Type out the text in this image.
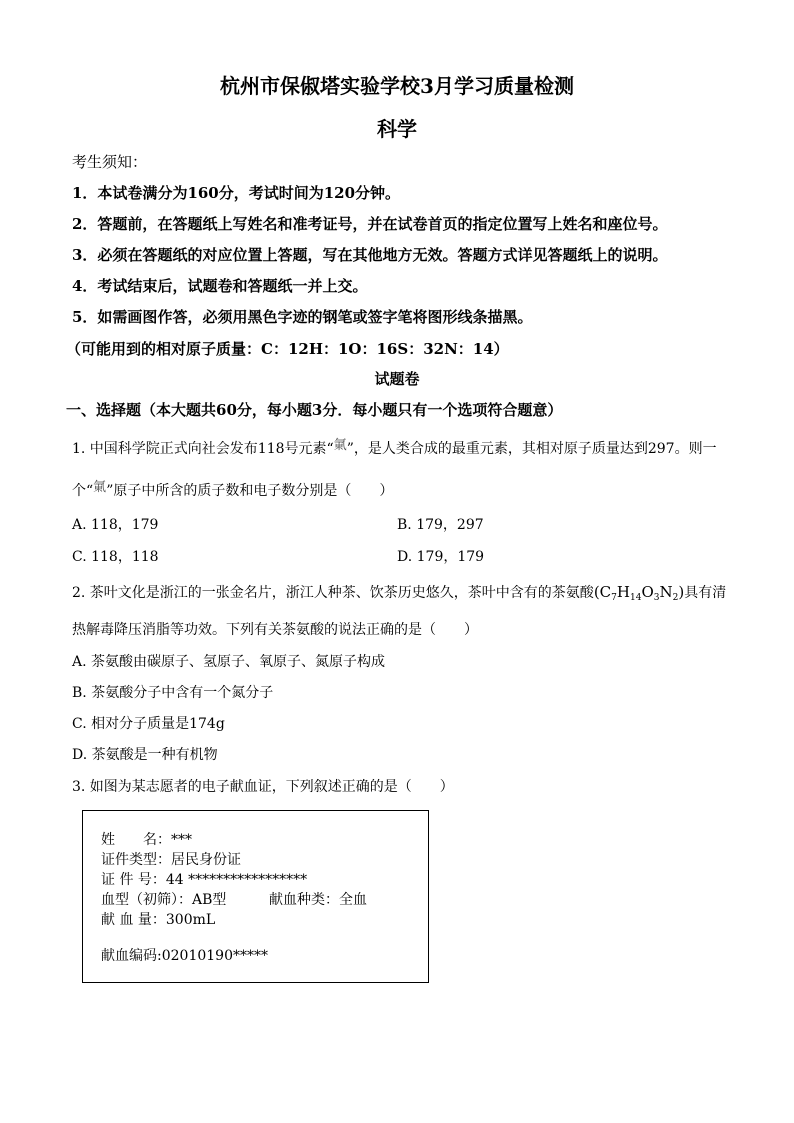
杭州市保俶塔实验学校3月学习质量检测
科学
考生须知：
1．本试卷满分为160分，考试时间为120分钟。
2．答题前，在答题纸上写姓名和准考证号，并在试卷首页的指定位置写上姓名和座位号。
3．必须在答题纸的对应位置上答题，写在其他地方无效。答题方式详见答题纸上的说明。
4．考试结束后，试题卷和答题纸一并上交。
5．如需画图作答，必须用黑色字迹的钢笔或签字笔将图形线条描黑。
（可能用到的相对原子质量：C：12H：1O：16S：32N：14）
试题卷
一、选择题（本大题共60分，每小题3分．每小题只有一个选项符合题意）
1. 中国科学院正式向社会发布118号元素“氭”，是人类合成的最重元素，其相对原子质量达到297。则一
个“氭”原子中所含的质子数和电子数分别是（　　）
A. 118，179	B. 179，297
C. 118，118	D. 179，179
2. 茶叶文化是浙江的一张金名片，浙江人种茶、饮茶历史悠久，茶叶中含有的茶氨酸$(C_7H_{14}O_3N_2)$具有清
热解毒降压消脂等功效。下列有关茶氨酸的说法正确的是（　　）
A. 茶氨酸由碳原子、氢原子、氧原子、氮原子构成
B. 茶氨酸分子中含有一个氮分子
C. 相对分子质量是174g
D. 茶氨酸是一种有机物
3. 如图为某志愿者的电子献血证，下列叙述正确的是（　　）
姓　　名：***
证件类型：居民身份证
证 件 号：44 *****************
血型（初筛）：AB型	献血种类：全血
献 血 量：300mL
献血编码:02010190*****
